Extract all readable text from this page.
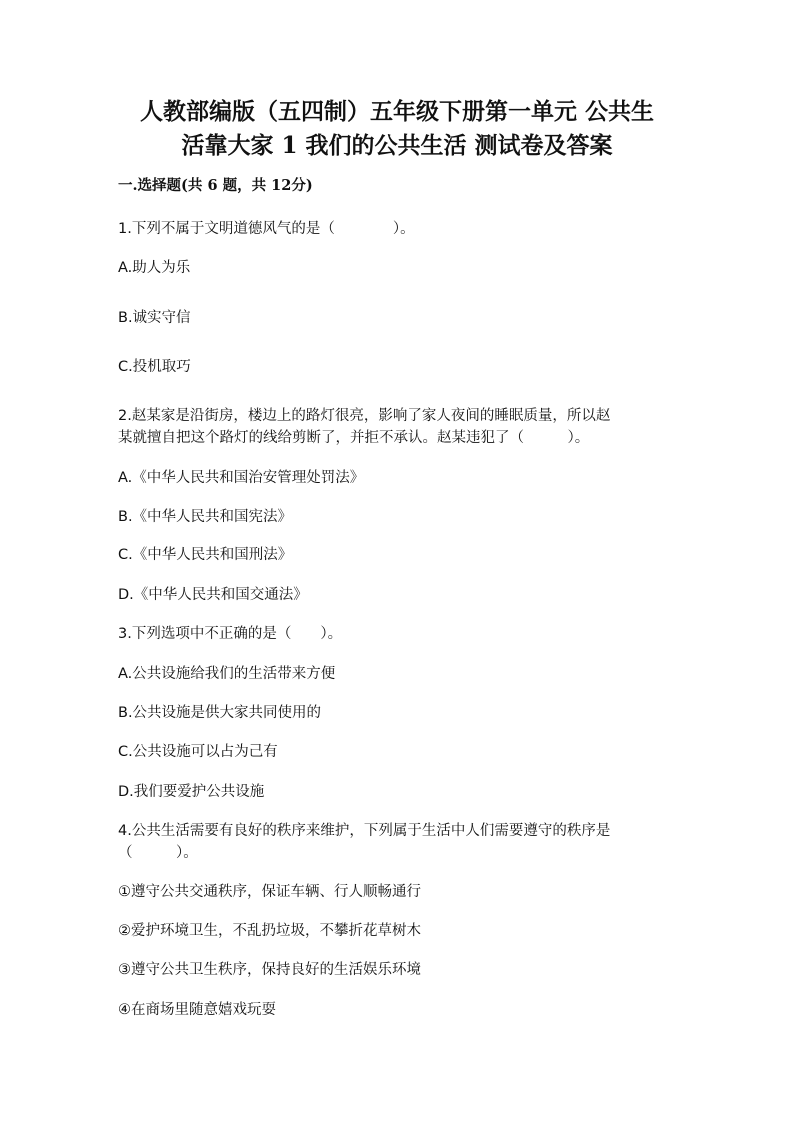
人教部编版（五四制）五年级下册第一单元 公共生
活靠大家 1 我们的公共生活 测试卷及答案
一.选择题(共 6 题，共 12分)
1.下列不属于文明道德风气的是（　　　　）。
A.助人为乐
B.诚实守信
C.投机取巧
2.赵某家是沿街房，楼边上的路灯很亮，影响了家人夜间的睡眠质量，所以赵
某就擅自把这个路灯的线给剪断了，并拒不承认。赵某违犯了（　　　）。
A.《中华人民共和国治安管理处罚法》
B.《中华人民共和国宪法》
C.《中华人民共和国刑法》
D.《中华人民共和国交通法》
3.下列选项中不正确的是（　　）。
A.公共设施给我们的生活带来方便
B.公共设施是供大家共同使用的
C.公共设施可以占为己有
D.我们要爱护公共设施
4.公共生活需要有良好的秩序来维护，下列属于生活中人们需要遵守的秩序是
（　　　）。
①遵守公共交通秩序，保证车辆、行人顺畅通行
②爱护环境卫生，不乱扔垃圾，不攀折花草树木
③遵守公共卫生秩序，保持良好的生活娱乐环境
④在商场里随意嬉戏玩耍
